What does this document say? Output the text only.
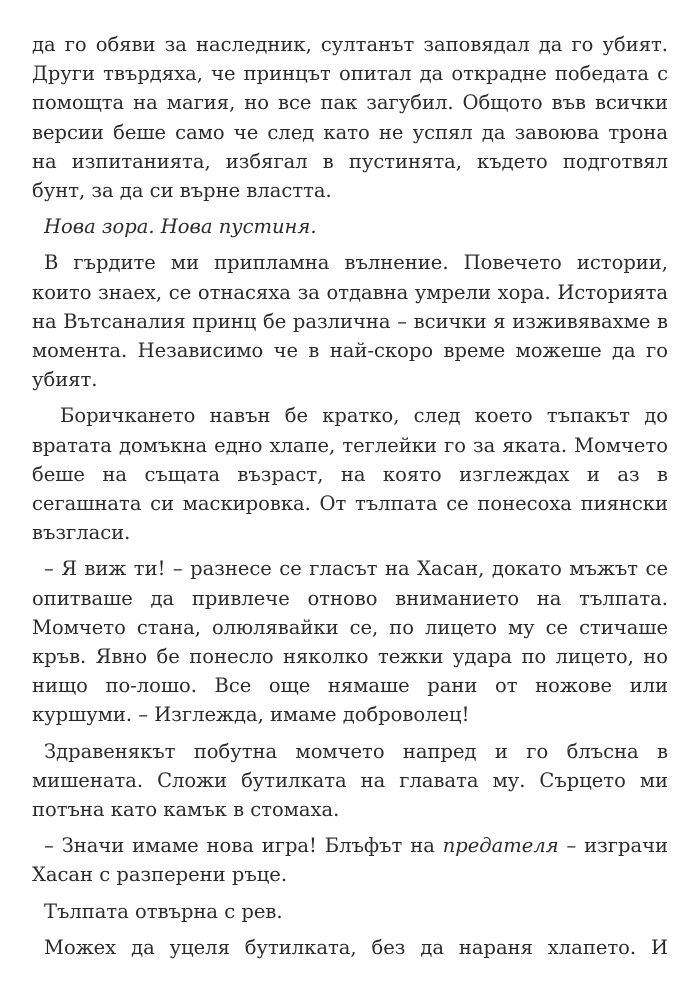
да го обяви за наследник, султанът заповядал да го убият. Други твърдяха, че принцът опитал да открадне победата с помощта на магия, но все пак загубил. Общото във всички версии беше само че след като не успял да завоюва трона на изпитанията, избягал в пустинята, където подготвял бунт, за да си върне властта.

Нова зора. Нова пустиня.

В гърдите ми припламна вълнение. Повечето истории, които знаех, се отнасяха за отдавна умрели хора. Историята на Вътсаналия принц бе различна – всички я изживявахме в момента. Независимо че в най-скоро време можеше да го убият.

Боричкането навън бе кратко, след което тъпакът до вратата домъкна едно хлапе, теглейки го за яката. Момчето беше на същата възраст, на която изглеждах и аз в сегашната си маскировка. От тълпата се понесоха пиянски възгласи.

– Я виж ти! – разнесе се гласът на Хасан, докато мъжът се опитваше да привлече отново вниманието на тълпата. Момчето стана, олюлявайки се, по лицето му се стичаше кръв. Явно бе понесло няколко тежки удара по лицето, но нищо по-лошо. Все още нямаше рани от ножове или куршуми. – Изглежда, имаме доброволец!

Здравенякът побутна момчето напред и го блъсна в мишената. Сложи бутилката на главата му. Сърцето ми потъна като камък в стомаха.

– Значи имаме нова игра! Блъфът на предателя – изграчи Хасан с разперени ръце.

Тълпата отвърна с рев.

Можех да уцеля бутилката, без да нараня хлапето. И
